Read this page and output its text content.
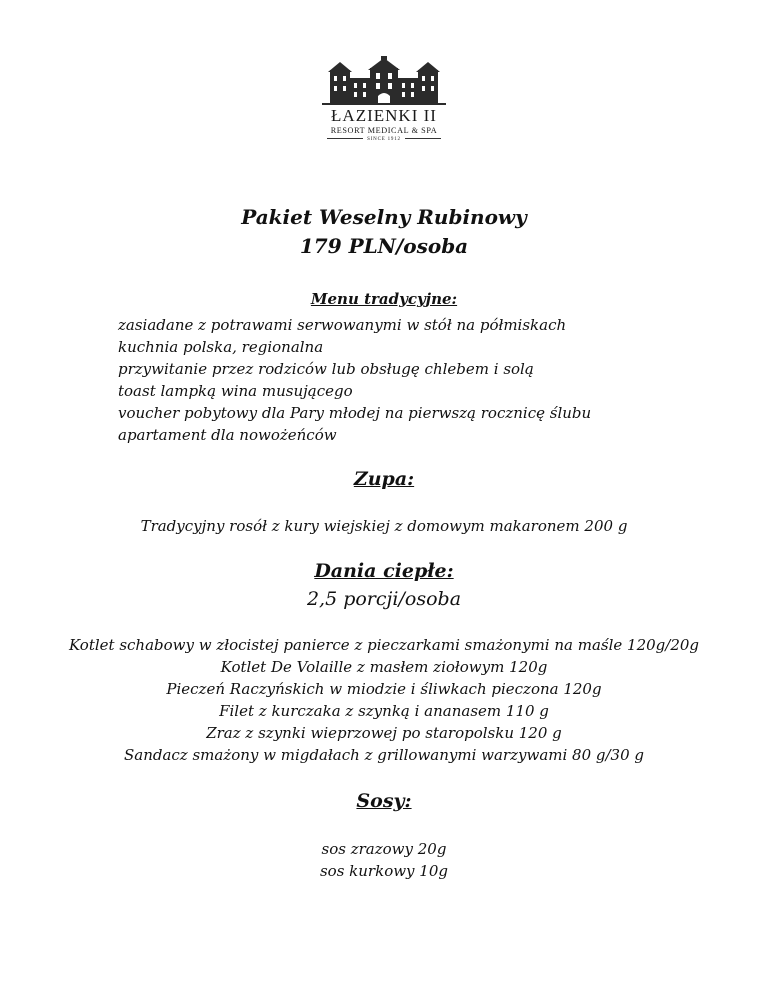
ŁAZIENKI II
RESORT MEDICAL & SPA
SINCE 1912
Pakiet Weselny Rubinowy
179 PLN/osoba
Menu tradycyjne:
zasiadane z potrawami serwowanymi w stół na półmiskach
kuchnia polska, regionalna
przywitanie przez rodziców lub obsługę chlebem i solą
toast lampką wina musującego
voucher pobytowy dla Pary młodej na pierwszą rocznicę ślubu
apartament dla nowożeńców
Zupa:
Tradycyjny rosół z kury wiejskiej z domowym makaronem 200 g
Dania ciepłe:
2,5 porcji/osoba
Kotlet schabowy w złocistej panierce z pieczarkami smażonymi na maśle 120g/20g
Kotlet De Volaille z masłem ziołowym 120g
Pieczeń Raczyńskich w miodzie i śliwkach pieczona 120g
Filet z kurczaka z szynką i ananasem 110 g
Zraz z szynki wieprzowej po staropolsku 120 g
Sandacz smażony w migdałach z grillowanymi warzywami 80 g/30 g
Sosy:
sos zrazowy 20g
sos kurkowy 10g
